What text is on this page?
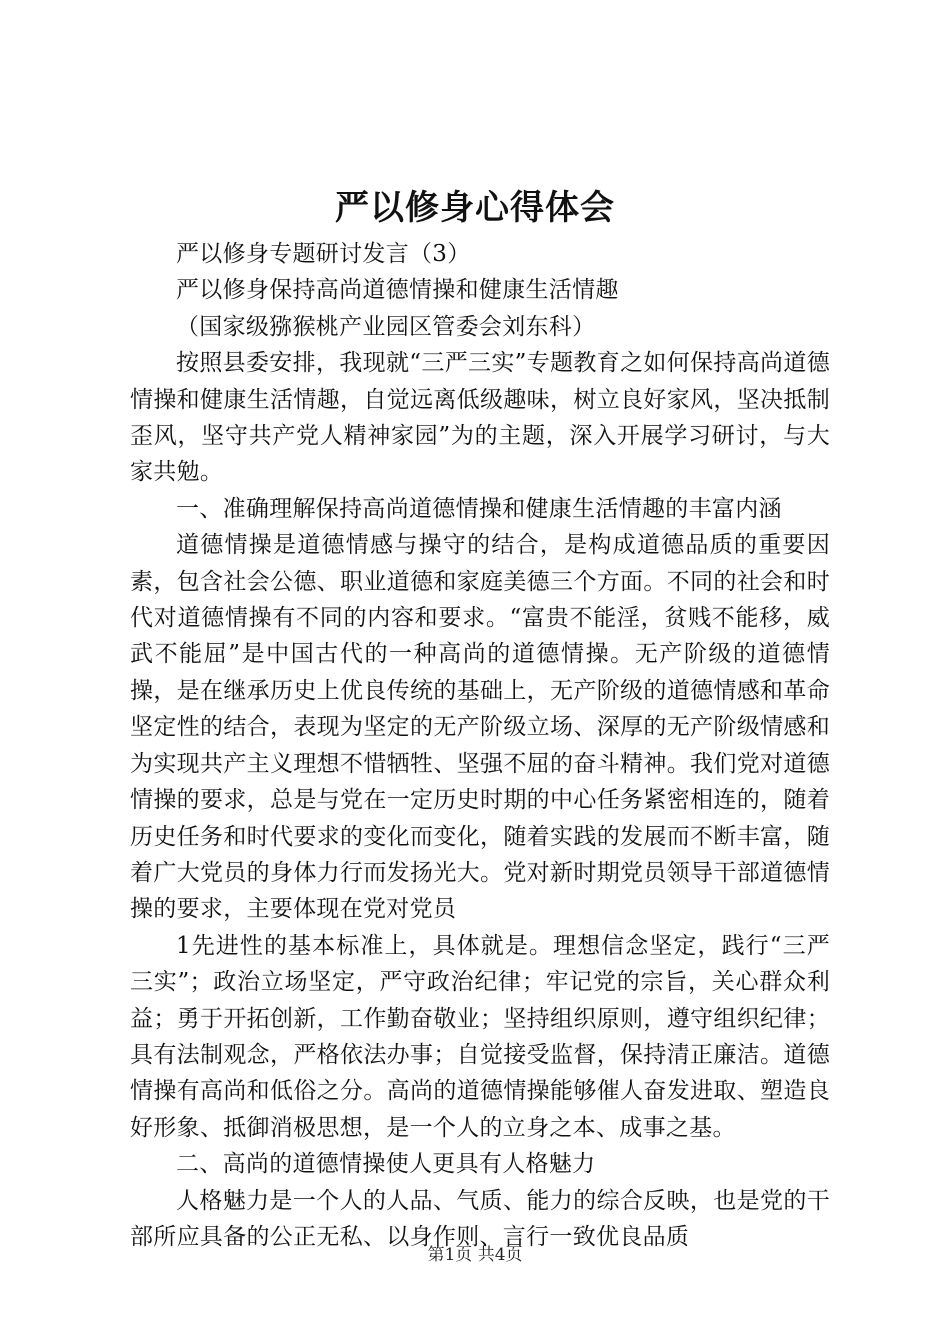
严以修身心得体会

严以修身专题研讨发言（3）

严以修身保持高尚道德情操和健康生活情趣

（国家级猕猴桃产业园区管委会刘东科）

按照县委安排，我现就“三严三实”专题教育之如何保持高尚道德情操和健康生活情趣，自觉远离低级趣味，树立良好家风，坚决抵制歪风，坚守共产党人精神家园”为的主题，深入开展学习研讨，与大家共勉。

一、准确理解保持高尚道德情操和健康生活情趣的丰富内涵

道德情操是道德情感与操守的结合，是构成道德品质的重要因素，包含社会公德、职业道德和家庭美德三个方面。不同的社会和时代对道德情操有不同的内容和要求。“富贵不能淫，贫贱不能移，威武不能屈”是中国古代的一种高尚的道德情操。无产阶级的道德情操，是在继承历史上优良传统的基础上，无产阶级的道德情感和革命坚定性的结合，表现为坚定的无产阶级立场、深厚的无产阶级情感和为实现共产主义理想不惜牺牲、坚强不屈的奋斗精神。我们党对道德情操的要求，总是与党在一定历史时期的中心任务紧密相连的，随着历史任务和时代要求的变化而变化，随着实践的发展而不断丰富，随着广大党员的身体力行而发扬光大。党对新时期党员领导干部道德情操的要求，主要体现在党对党员

1先进性的基本标准上，具体就是。理想信念坚定，践行“三严三实”；政治立场坚定，严守政治纪律；牢记党的宗旨，关心群众利益；勇于开拓创新，工作勤奋敬业；坚持组织原则，遵守组织纪律；具有法制观念，严格依法办事；自觉接受监督，保持清正廉洁。道德情操有高尚和低俗之分。高尚的道德情操能够催人奋发进取、塑造良好形象、抵御消极思想，是一个人的立身之本、成事之基。

二、高尚的道德情操使人更具有人格魅力

人格魅力是一个人的人品、气质、能力的综合反映，也是党的干部所应具备的公正无私、以身作则、言行一致优良品质

第1页 共4页
